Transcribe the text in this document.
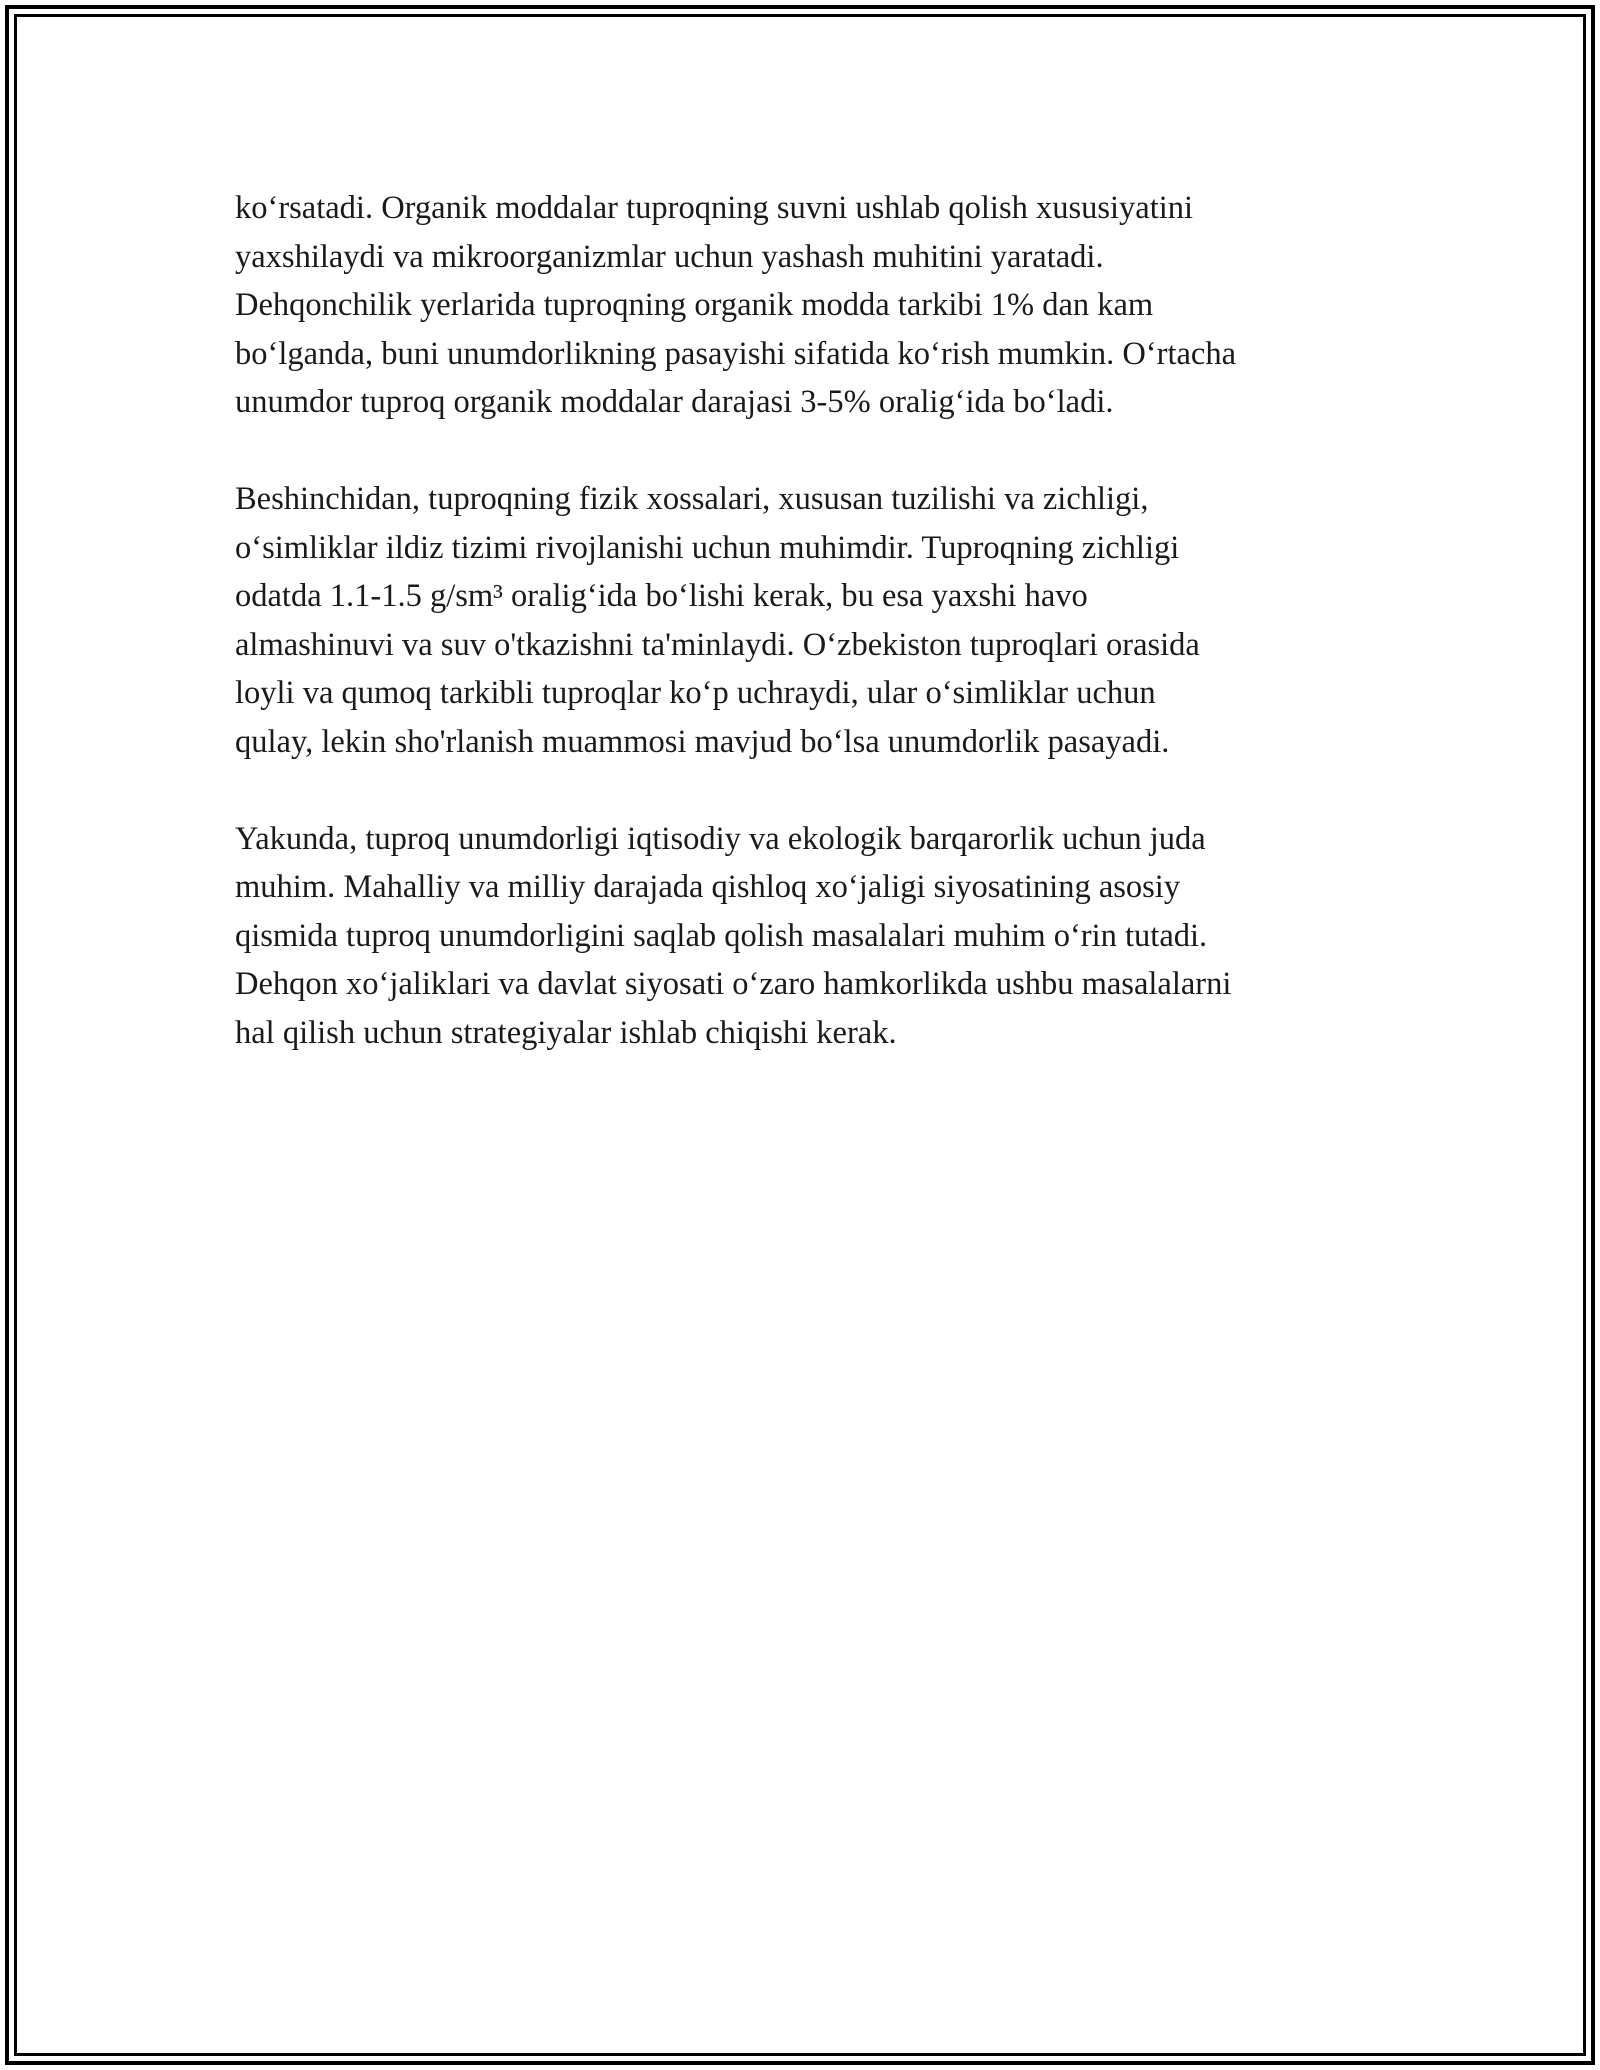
ko‘rsatadi. Organik moddalar tuproqning suvni ushlab qolish xususiyatini
yaxshilaydi va mikroorganizmlar uchun yashash muhitini yaratadi.
Dehqonchilik yerlarida tuproqning organik modda tarkibi 1% dan kam
bo‘lganda, buni unumdorlikning pasayishi sifatida ko‘rish mumkin. O‘rtacha
unumdor tuproq organik moddalar darajasi 3-5% oralig‘ida bo‘ladi.

Beshinchidan, tuproqning fizik xossalari, xususan tuzilishi va zichligi,
o‘simliklar ildiz tizimi rivojlanishi uchun muhimdir. Tuproqning zichligi
odatda 1.1-1.5 g/sm³ oralig‘ida bo‘lishi kerak, bu esa yaxshi havo
almashinuvi va suv o'tkazishni ta'minlaydi. O‘zbekiston tuproqlari orasida
loyli va qumoq tarkibli tuproqlar ko‘p uchraydi, ular o‘simliklar uchun
qulay, lekin sho'rlanish muammosi mavjud bo‘lsa unumdorlik pasayadi.

Yakunda, tuproq unumdorligi iqtisodiy va ekologik barqarorlik uchun juda
muhim. Mahalliy va milliy darajada qishloq xo‘jaligi siyosatining asosiy
qismida tuproq unumdorligini saqlab qolish masalalari muhim o‘rin tutadi.
Dehqon xo‘jaliklari va davlat siyosati o‘zaro hamkorlikda ushbu masalalarni
hal qilish uchun strategiyalar ishlab chiqishi kerak.
